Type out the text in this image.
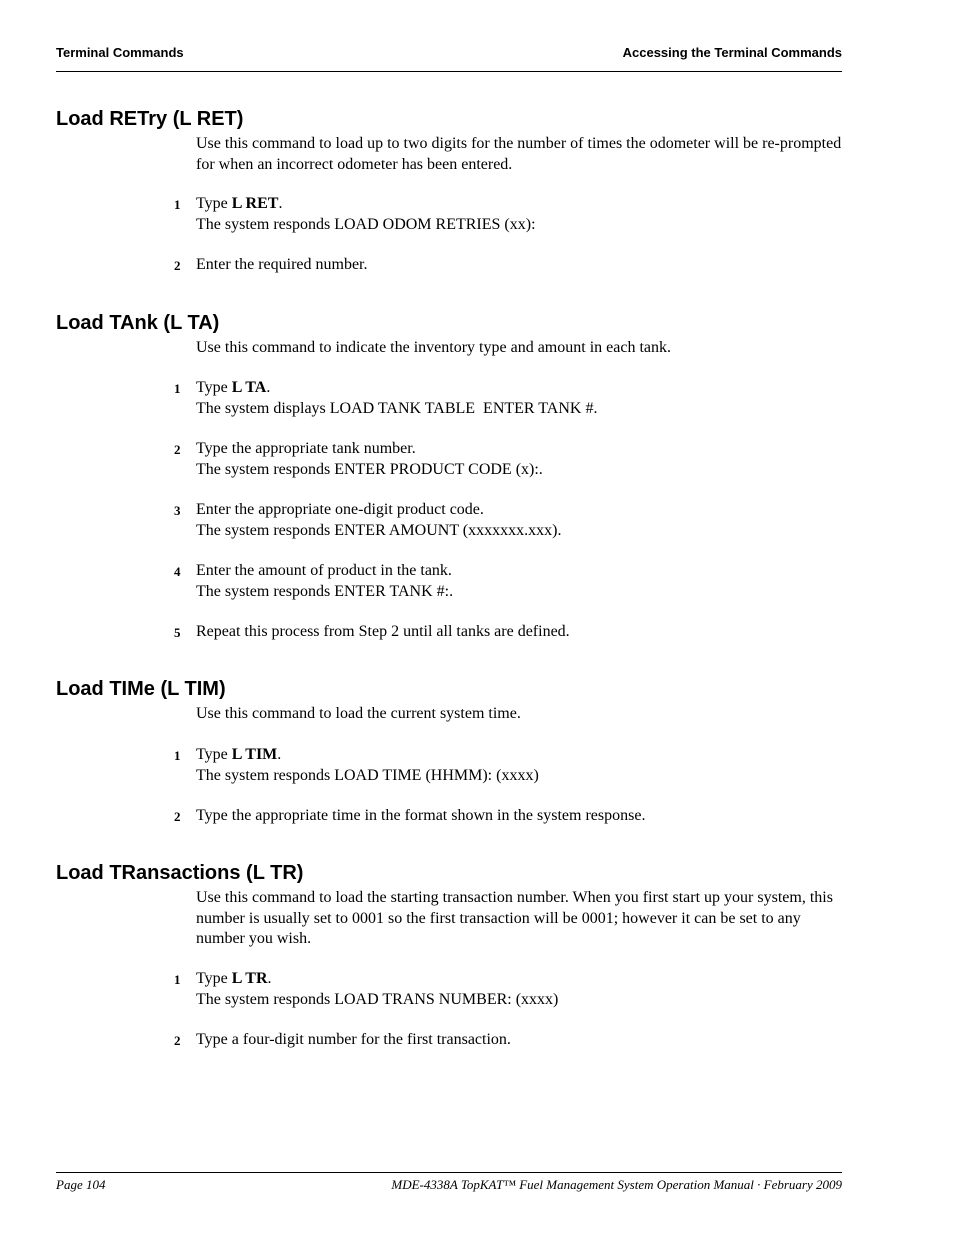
Terminal Commands	Accessing the Terminal Commands
Load RETry (L RET)

Use this command to load up to two digits for the number of times the odometer will be re-prompted for when an incorrect odometer has been entered.

1 Type L RET.
The system responds LOAD ODOM RETRIES (xx):
2 Enter the required number.
Load TAnk (L TA)

Use this command to indicate the inventory type and amount in each tank.

1 Type L TA.
The system displays LOAD TANK TABLE  ENTER TANK #.
2 Type the appropriate tank number.
The system responds ENTER PRODUCT CODE (x):.
3 Enter the appropriate one-digit product code.
The system responds ENTER AMOUNT (xxxxxxx.xxx).
4 Enter the amount of product in the tank.
The system responds ENTER TANK #:.
5 Repeat this process from Step 2 until all tanks are defined.
Load TIMe (L TIM)

Use this command to load the current system time.

1 Type L TIM.
The system responds LOAD TIME (HHMM): (xxxx)
2 Type the appropriate time in the format shown in the system response.
Load TRansactions (L TR)

Use this command to load the starting transaction number. When you first start up your system, this number is usually set to 0001 so the first transaction will be 0001; however it can be set to any number you wish.

1 Type L TR.
The system responds LOAD TRANS NUMBER: (xxxx)
2 Type a four-digit number for the first transaction.
Page 104	MDE-4338A TopKAT™ Fuel Management System Operation Manual · February 2009
